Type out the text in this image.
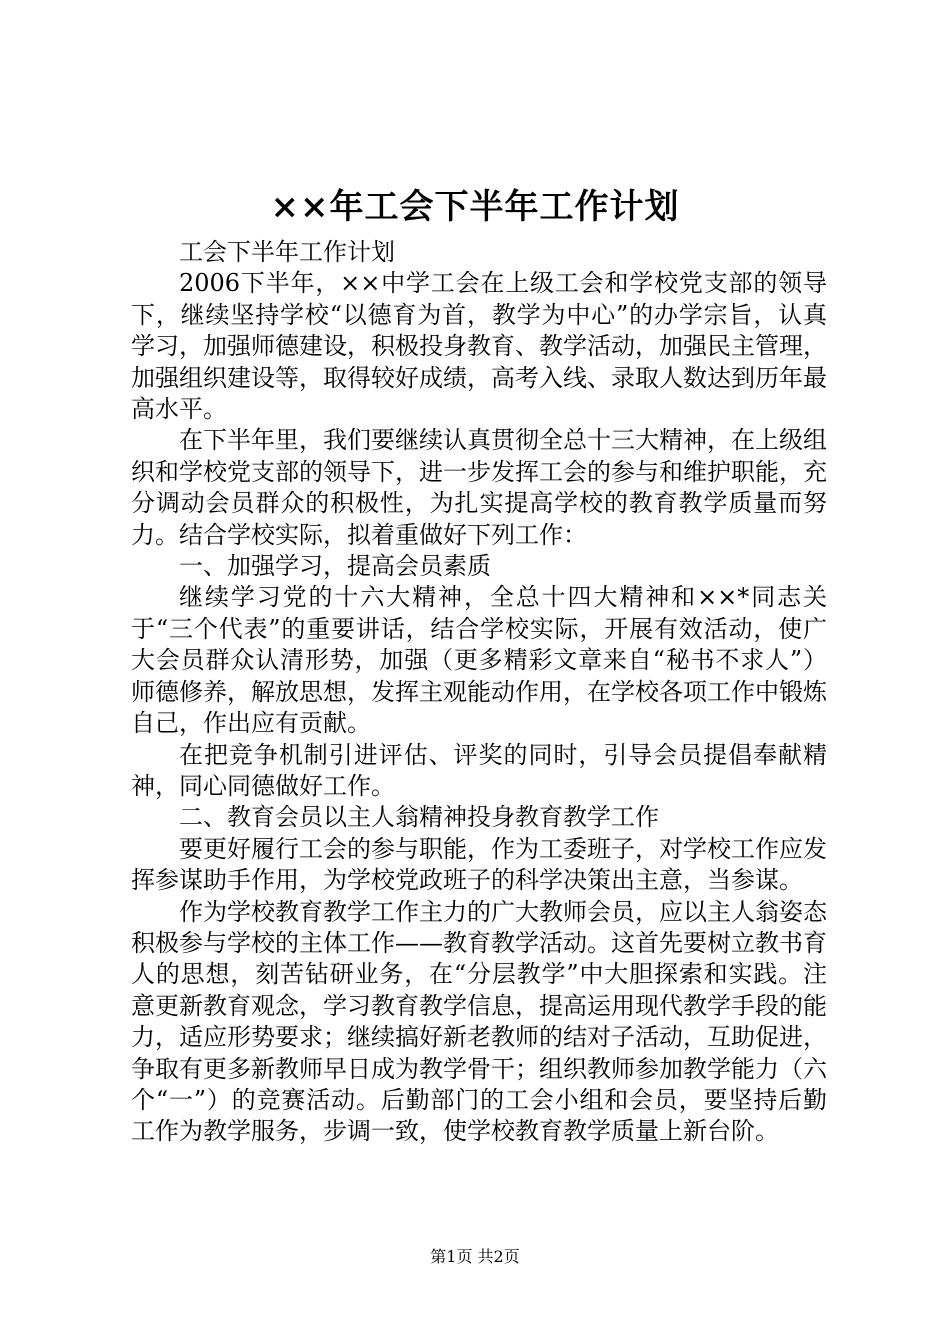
××年工会下半年工作计划

工会下半年工作计划

2006下半年，××中学工会在上级工会和学校党支部的领导下，继续坚持学校“以德育为首，教学为中心”的办学宗旨，认真学习，加强师德建设，积极投身教育、教学活动，加强民主管理，加强组织建设等，取得较好成绩，高考入线、录取人数达到历年最高水平。

在下半年里，我们要继续认真贯彻全总十三大精神，在上级组织和学校党支部的领导下，进一步发挥工会的参与和维护职能，充分调动会员群众的积极性，为扎实提高学校的教育教学质量而努力。结合学校实际，拟着重做好下列工作：

一、加强学习，提高会员素质

继续学习党的十六大精神，全总十四大精神和××*同志关于“三个代表”的重要讲话，结合学校实际，开展有效活动，使广大会员群众认清形势，加强（更多精彩文章来自“秘书不求人”）师德修养，解放思想，发挥主观能动作用，在学校各项工作中锻炼自己，作出应有贡献。

在把竞争机制引进评估、评奖的同时，引导会员提倡奉献精神，同心同德做好工作。

二、教育会员以主人翁精神投身教育教学工作

要更好履行工会的参与职能，作为工委班子，对学校工作应发挥参谋助手作用，为学校党政班子的科学决策出主意，当参谋。

作为学校教育教学工作主力的广大教师会员，应以主人翁姿态积极参与学校的主体工作——教育教学活动。这首先要树立教书育人的思想，刻苦钻研业务，在“分层教学”中大胆探索和实践。注意更新教育观念，学习教育教学信息，提高运用现代教学手段的能力，适应形势要求；继续搞好新老教师的结对子活动，互助促进，争取有更多新教师早日成为教学骨干；组织教师参加教学能力（六个“一”）的竞赛活动。后勤部门的工会小组和会员，要坚持后勤工作为教学服务，步调一致，使学校教育教学质量上新台阶。

第1页 共2页
